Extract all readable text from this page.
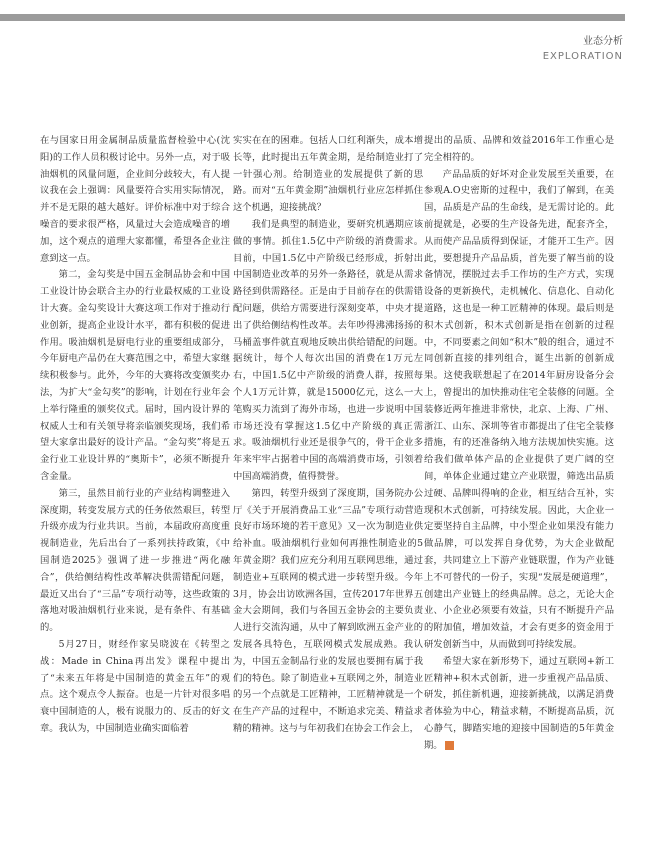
业态分析
EXPLORATION

在与国家日用金属制品质量监督检验中心(沈阳)的工作人员积极讨论中。另外一点，对于吸油烟机的风量问题，企业间分歧较大，有人提议我在会上强调：风量要符合实用实际情况，并不是无限的越大越好。评价标准中对于综合噪音的要求很严格，风量过大会造成噪音的增加，这个观点的道理大家都懂，希望各企业注意到这一点。

第二，金勾奖是中国五金制品协会和中国工业设计协会联合主办的行业最权威的工业设计大赛。金勾奖设计大赛这项工作对于推动行业创新，提高企业设计水平，都有积极的促进作用。吸油烟机是厨电行业的重要组成部分，今年厨电产品仍在大赛范围之中，希望大家继续积极参与。此外，今年的大赛将改变颁奖办法，为扩大“金勾奖”的影响，计划在行业年会上举行隆重的颁奖仪式。届时，国内设计界的权威人士和有关领导将亲临颁奖现场，我们希望大家拿出最好的设计产品。“金勾奖”将是五金行业工业设计界的“奥斯卡”，必须不断提升含金量。

第三，虽然目前行业的产业结构调整进入深度期，转变发展方式的任务依然艰巨，转型升级亦成为行业共识。当前，本届政府高度重视制造业，先后出台了一系列扶持政策，《中国制造2025》强调了进一步推进“两化融合”，供给侧结构性改革解决供需错配问题，最近又出台了“三品”专项行动等，这些政策的落地对吸油烟机行业来说，是有条件、有基础的。

5月27日，财经作家吴晓波在《转型之战：Made in China再出发》课程中提出了“未来五年将是中国制造的黄金五年”的观点。这个观点令人振奋。也是一片针对很多唱衰中国制造的人，极有说服力的、反击的好文章。我认为，中国制造业确实面临着

实实在在的困难。包括人口红利渐失，成本增长等，此时提出五年黄金期，是给制造业打了一针强心剂。给制造业的发展提供了新的思路。而对“五年黄金期”油烟机行业应怎样抓住这个机遇，迎接挑战？

我们是典型的制造业，要研究机遇期应该做的事情。抓住1.5亿中产阶级的消费需求。目前，中国1.5亿中产阶级已经形成，折射出中国制造业改革的另外一条路径，就是从需求路径到供需路径。正是由于目前存在的供需错配问题，供给方需要进行深刻变革，中央才提出了供给侧结构性改革。去年吵得沸沸扬扬的马桶盖事件就直观地反映出供给错配的问题。据统计，每个人每次出国的消费在1万元左右，中国1.5亿中产阶级的消费人群，按照每个人1万元计算，就是15000亿元，这么一大笔购买力流到了海外市场，也进一步说明中国市场还没有掌握这1.5亿中产阶级的真正需求。吸油烟机行业还是很争气的，骨干企业多年来牢牢占据着中国的高端消费市场，引领着中国高端消费，值得赞誉。

第四，转型升级到了深度期，国务院办公厅《关于开展消费品工业“三品”专项行动营造良好市场环境的若干意见》又一次为制造业供给补血。吸油烟机行业如何再推性制造业的5年黄金期？我们应充分利用互联网思维，通过制造业+互联网的模式进一步转型升级。今年3月，协会出访欧洲各国，宣传2017年世界五金大会期间，我们与各国五金协会的主要负责人进行交流沟通，从中了解到欧洲五金产业的发展各具特色，互联网模式发展成熟。我认为，中国五金制品行业的发展也要拥有属于我们的特色。除了制造业+互联网之外，制造业的另一个点就是工匠精神，工匠精神就是一个在生产产品的过程中，不断追求完美、精益求精的精神。这与与年初我们在协会工作会上，

提出的品质、品牌和效益2016年工作重心是完全相符的。

产品品质的好坏对企业发展至关重要，在参观A.O史密斯的过程中，我们了解到，在美国，品质是产品的生命线，是无需讨论的。此前提就是，必要的生产设备先进，配套齐全，从而使产品品质得到保证，才能开工生产。因此，要想提升产品品质，首先要了解当前的设备情况，摆脱过去手工作坊的生产方式，实现设备的更新换代，走机械化、信息化、自动化道路，这也是一种工匠精神的体现。最后则是积木式创新，积木式创新是指在创新的过程中，不同要素之间如“积木”般的组合，通过不同创新直接的排列组合，诞生出新的创新成果。这使我联想起了在2014年厨房设备分会上，曾提出的加快推动住宅全装修的问题。全装修近两年推进非常快，北京、上海、广州、浙江、山东、深圳等省市都提出了住宅全装修措施，有的还准备纳入地方法规加快实施。这给我们做单体产品的企业提供了更广阔的空间，单体企业通过建立产业联盟，筛选出品质过硬、品牌叫得响的企业，相互结合互补，实现积木式创新，可持续发展。因此，大企业一定要坚持自主品牌，中小型企业如果没有能力做品牌，可以发挥自身优势，为大企业做配套，共同建立上下游产业链联盟，作为产业链上不可替代的一份子，实现“发展是硬道理”，创建出产业链上的经典品牌。总之，无论大企业、小企业必须要有效益，只有不断提升产品的附加值，增加效益，才会有更多的资金用于研发创新当中，从而做到可持续发展。

希望大家在新形势下，通过互联网+新工匠精神+积木式创新，进一步重视产品品质、研发，抓住新机遇，迎接新挑战，以满足消费者体验为中心，精益求精，不断提高品质，沉心静气，脚踏实地的迎接中国制造的5年黄金期。
